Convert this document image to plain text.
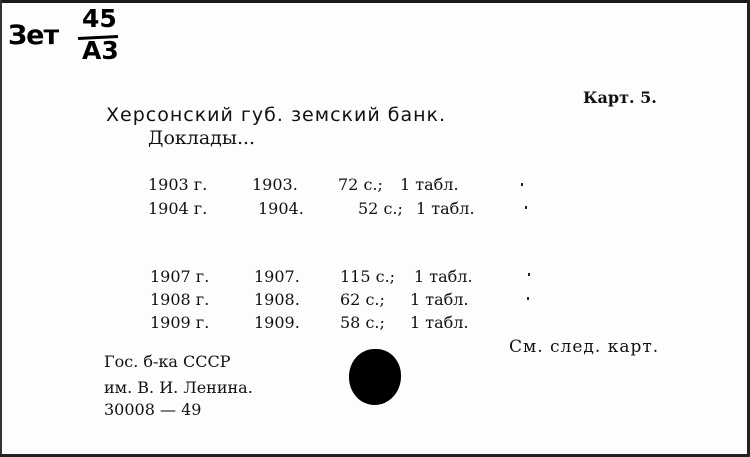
Зет
45
А3
Карт. 5.
Херсонский губ. земский банк.
Доклады...
1903 г.	1903.	72 с.; 1 табл.
1904 г.	1904.	52 с.; 1 табл.
1907 г.	1907.	115 с.; 1 табл.
1908 г.	1908.	62 с.; 1 табл.
1909 г.	1909.	58 с.; 1 табл.
См. след. карт.
Гос. б-ка СССР
им. В. И. Ленина.
30008 — 49
